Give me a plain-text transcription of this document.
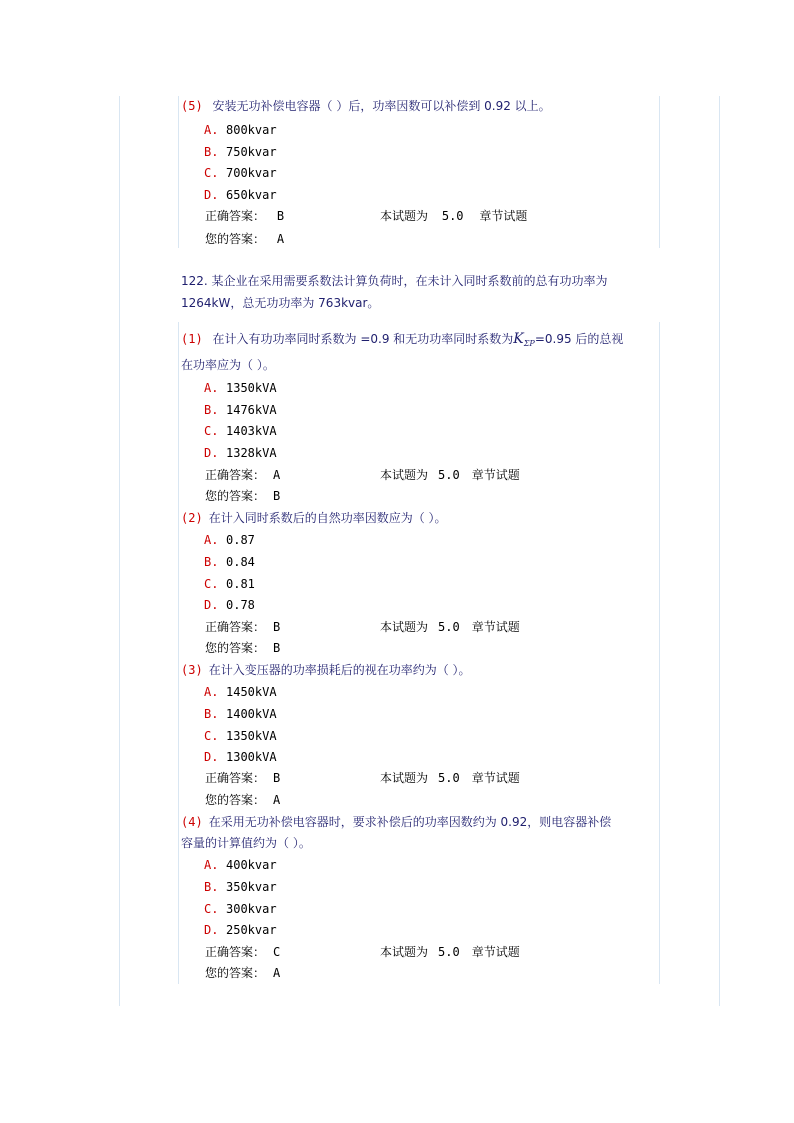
(5) 安装无功补偿电容器（ ）后，功率因数可以补偿到 0.92 以上。
A. 800kvar
B. 750kvar
C. 700kvar
D. 650kvar
正确答案： B	本试题为 5.0 章节试题
您的答案： A
122. 某企业在采用需要系数法计算负荷时，在未计入同时系数前的总有功功率为
1264kW，总无功功率为 763kvar。
(1) 在计入有功功率同时系数为 =0.9 和无功功率同时系数为$K_{\Sigma P}=0.95$ 后的总视
在功率应为（ ）。
A. 1350kVA
B. 1476kVA
C. 1403kVA
D. 1328kVA
正确答案： A	本试题为 5.0 章节试题
您的答案： B
(2) 在计入同时系数后的自然功率因数应为（ ）。
A. 0.87
B. 0.84
C. 0.81
D. 0.78
正确答案： B	本试题为 5.0 章节试题
您的答案： B
(3) 在计入变压器的功率损耗后的视在功率约为（ ）。
A. 1450kVA
B. 1400kVA
C. 1350kVA
D. 1300kVA
正确答案： B	本试题为 5.0 章节试题
您的答案： A
(4) 在采用无功补偿电容器时，要求补偿后的功率因数约为 0.92，则电容器补偿
容量的计算值约为（ ）。
A. 400kvar
B. 350kvar
C. 300kvar
D. 250kvar
正确答案： C	本试题为 5.0 章节试题
您的答案： A
